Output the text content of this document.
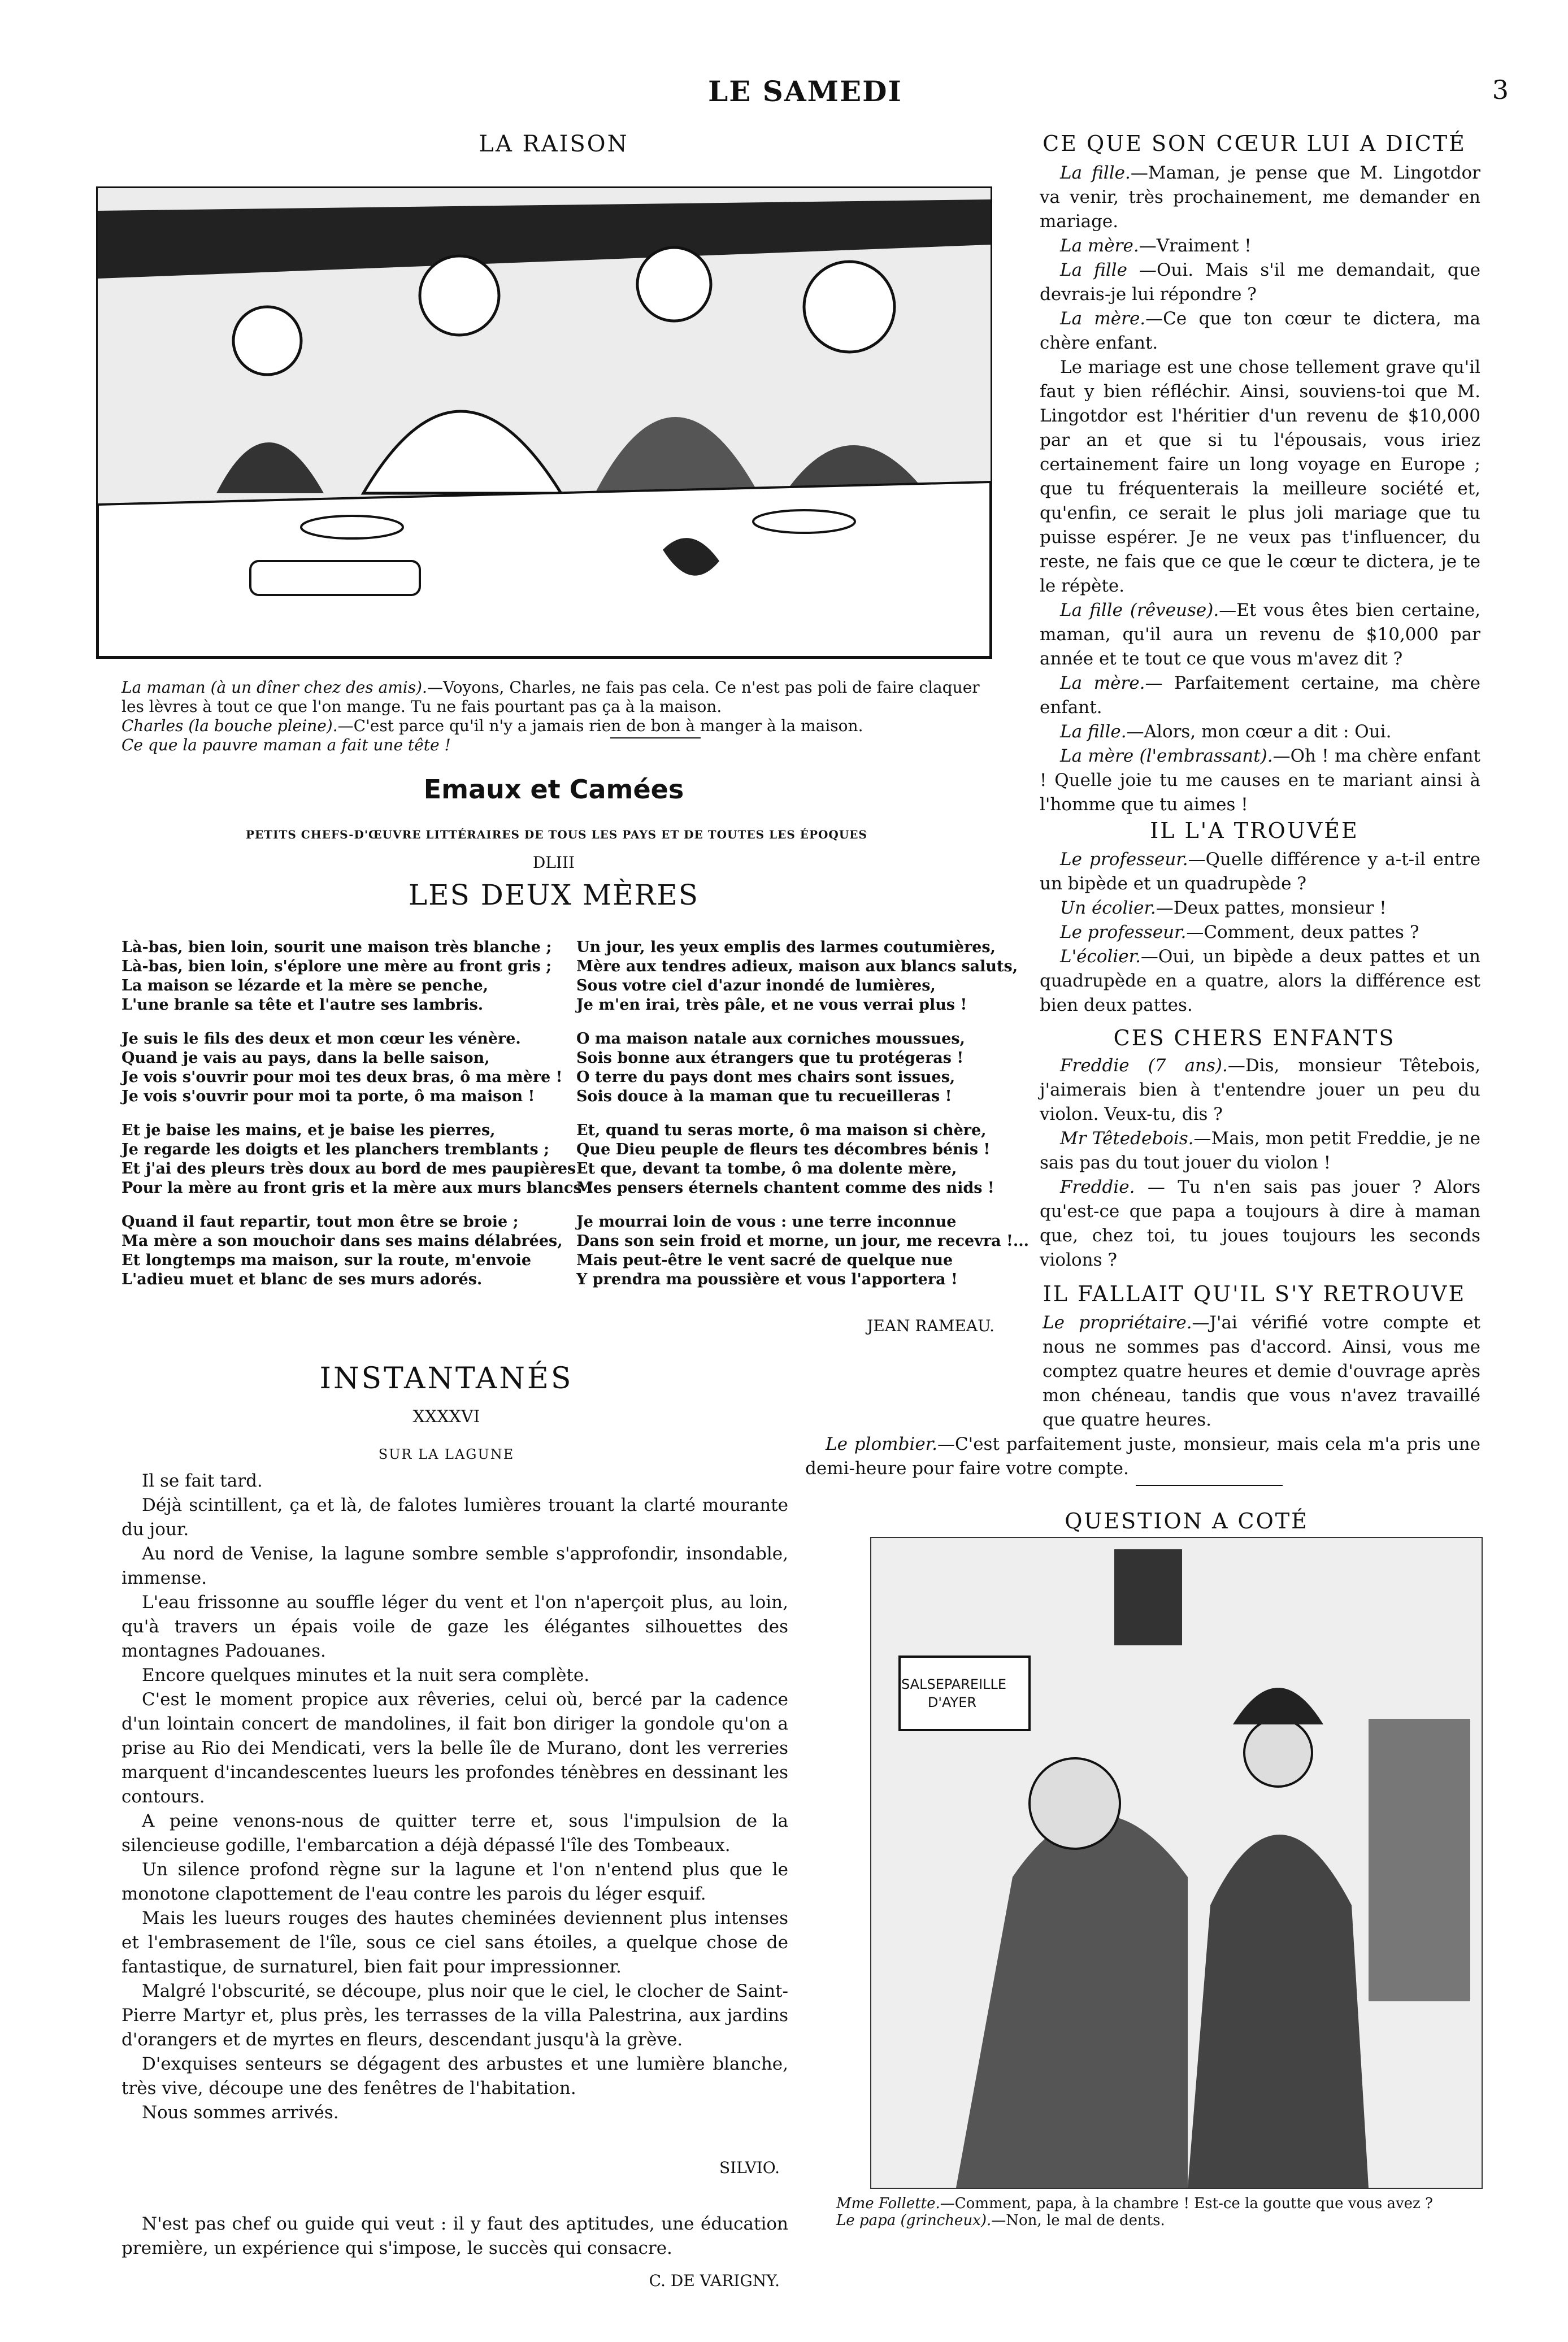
LE SAMEDI	3
LA RAISON

La maman (à un dîner chez des amis).—Voyons, Charles, ne fais pas cela. Ce n'est pas poli de faire claquer les lèvres à tout ce que l'on mange. Tu ne fais pourtant pas ça à la maison.

Charles (la bouche pleine).—C'est parce qu'il n'y a jamais rien de bon à manger à la maison.

Ce que la pauvre maman a fait une tête !

Emaux et Camées
PETITS CHEFS-D'ŒUVRE LITTÉRAIRES DE TOUS LES PAYS ET DE TOUTES LES ÉPOQUES
DLIII
LES DEUX MÈRES
Là-bas, bien loin, sourit une maison très blanche ;
Là-bas, bien loin, s'éplore une mère au front gris ;
La maison se lézarde et la mère se penche,
L'une branle sa tête et l'autre ses lambris.
Je suis le fils des deux et mon cœur les vénère.
Quand je vais au pays, dans la belle saison,
Je vois s'ouvrir pour moi tes deux bras, ô ma mère !
Je vois s'ouvrir pour moi ta porte, ô ma maison !
Et je baise les mains, et je baise les pierres,
Je regarde les doigts et les planchers tremblants ;
Et j'ai des pleurs très doux au bord de mes paupières
Pour la mère au front gris et la mère aux murs blancs !
Quand il faut repartir, tout mon être se broie ;
Ma mère a son mouchoir dans ses mains délabrées,
Et longtemps ma maison, sur la route, m'envoie
L'adieu muet et blanc de ses murs adorés.
Un jour, les yeux emplis des larmes coutumières,
Mère aux tendres adieux, maison aux blancs saluts,
Sous votre ciel d'azur inondé de lumières,
Je m'en irai, très pâle, et ne vous verrai plus !
O ma maison natale aux corniches moussues,
Sois bonne aux étrangers que tu protégeras !
O terre du pays dont mes chairs sont issues,
Sois douce à la maman que tu recueilleras !
Et, quand tu seras morte, ô ma maison si chère,
Que Dieu peuple de fleurs tes décombres bénis !
Et que, devant ta tombe, ô ma dolente mère,
Mes pensers éternels chantent comme des nids !
Je mourrai loin de vous : une terre inconnue
Dans son sein froid et morne, un jour, me recevra !...
Mais peut-être le vent sacré de quelque nue
Y prendra ma poussière et vous l'apportera !
JEAN RAMEAU.
INSTANTANÉS
XXXXVI
SUR LA LAGUNE

Il se fait tard.

Déjà scintillent, ça et là, de falotes lumières trouant la clarté mourante du jour.

Au nord de Venise, la lagune sombre semble s'approfondir, insondable, immense.

L'eau frissonne au souffle léger du vent et l'on n'aperçoit plus, au loin, qu'à travers un épais voile de gaze les élégantes silhouettes des montagnes Padouanes.

Encore quelques minutes et la nuit sera complète.

C'est le moment propice aux rêveries, celui où, bercé par la cadence d'un lointain concert de mandolines, il fait bon diriger la gondole qu'on a prise au Rio dei Mendicati, vers la belle île de Murano, dont les verreries marquent d'incandescentes lueurs les profondes ténèbres en dessinant les contours.

A peine venons-nous de quitter terre et, sous l'impulsion de la silencieuse godille, l'embarcation a déjà dépassé l'île des Tombeaux.

Un silence profond règne sur la lagune et l'on n'entend plus que le monotone clapottement de l'eau contre les parois du léger esquif.

Mais les lueurs rouges des hautes cheminées deviennent plus intenses et l'embrasement de l'île, sous ce ciel sans étoiles, a quelque chose de fantastique, de surnaturel, bien fait pour impressionner.

Malgré l'obscurité, se découpe, plus noir que le ciel, le clocher de Saint-Pierre Martyr et, plus près, les terrasses de la villa Palestrina, aux jardins d'orangers et de myrtes en fleurs, descendant jusqu'à la grève.

D'exquises senteurs se dégagent des arbustes et une lumière blanche, très vive, découpe une des fenêtres de l'habitation.

Nous sommes arrivés.

SILVIO.

N'est pas chef ou guide qui veut : il y faut des aptitudes, une éducation première, un expérience qui s'impose, le succès qui consacre.

C. DE VARIGNY.
CE QUE SON CŒUR LUI A DICTÉ

La fille.—Maman, je pense que M. Lingotdor va venir, très prochainement, me demander en mariage.

La mère.—Vraiment !

La fille —Oui. Mais s'il me demandait, que devrais-je lui répondre ?

La mère.—Ce que ton cœur te dictera, ma chère enfant.

Le mariage est une chose tellement grave qu'il faut y bien réfléchir. Ainsi, souviens-toi que M. Lingotdor est l'héritier d'un revenu de $10,000 par an et que si tu l'épousais, vous iriez certainement faire un long voyage en Europe ; que tu fréquenterais la meilleure société et, qu'enfin, ce serait le plus joli mariage que tu puisse espérer. Je ne veux pas t'influencer, du reste, ne fais que ce que le cœur te dictera, je te le répète.

La fille (rêveuse).—Et vous êtes bien certaine, maman, qu'il aura un revenu de $10,000 par année et te tout ce que vous m'avez dit ?

La mère.— Parfaitement certaine, ma chère enfant.

La fille.—Alors, mon cœur a dit : Oui.

La mère (l'embrassant).—Oh ! ma chère enfant ! Quelle joie tu me causes en te mariant ainsi à l'homme que tu aimes !

IL L'A TROUVÉE

Le professeur.—Quelle différence y a-t-il entre un bipède et un quadrupède ?

Un écolier.—Deux pattes, monsieur !

Le professeur.—Comment, deux pattes ?

L'écolier.—Oui, un bipède a deux pattes et un quadrupède en a quatre, alors la différence est bien deux pattes.

CES CHERS ENFANTS

Freddie (7 ans).—Dis, monsieur Têtebois, j'aimerais bien à t'entendre jouer un peu du violon. Veux-tu, dis ?

Mr Têtedebois.—Mais, mon petit Freddie, je ne sais pas du tout jouer du violon !

Freddie. — Tu n'en sais pas jouer ? Alors qu'est-ce que papa a toujours à dire à maman que, chez toi, tu joues toujours les seconds violons ?

IL FALLAIT QU'IL S'Y RETROUVE

Le propriétaire.—J'ai vérifié votre compte et nous ne sommes pas d'accord. Ainsi, vous me comptez quatre heures et demie d'ouvrage après mon chéneau, tandis que vous n'avez travaillé que quatre heures.

Le plombier.—C'est parfaitement juste, monsieur, mais cela m'a pris une demi-heure pour faire votre compte.

QUESTION A COTÉ
SALSEPAREILLE
D'AYER

Mme Follette.—Comment, papa, à la chambre ! Est-ce la goutte que vous avez ?

Le papa (grincheux).—Non, le mal de dents.
